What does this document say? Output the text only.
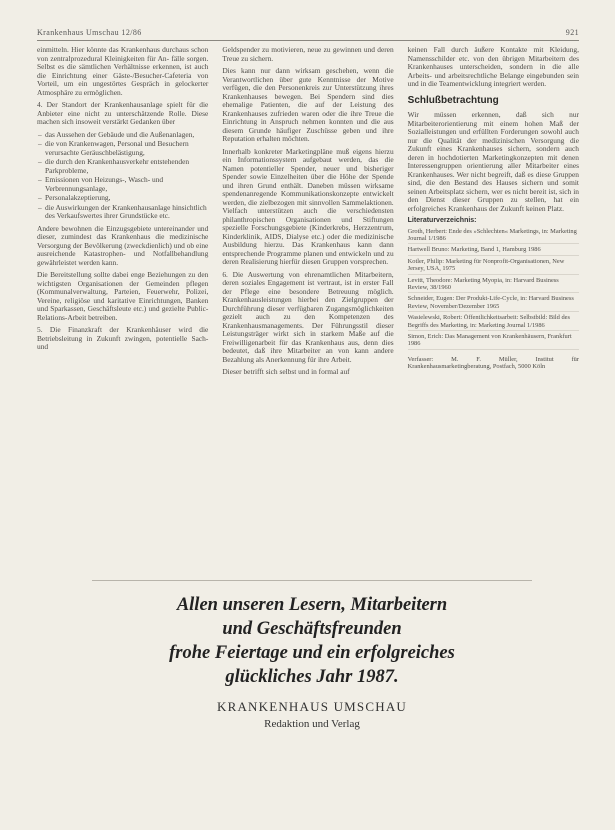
Krankenhaus Umschau 12/86	921

einmitteln. Hier könnte das Krankenhaus durchaus schon von zentralprozedural Kleinigkeiten für An- fälle sorgen. Selbst es die sämtlichen Verhältnisse erkennen, ist auch die Einrichtung einer Gäste-/Besucher-Cafeteria von Vorteil, um ein ungestörtes Gespräch in gelockerter Atmosphäre zu ermöglichen.

4. Der Standort der Krankenhausanlage spielt für die Anbieter eine nicht zu unterschätzende Rolle. Diese machen sich insoweit verstärkt Gedanken über

– das Aussehen der Gebäude und die Außenanlagen,
– die von Krankenwagen, Personal und Besuchern verursachte Geräuschbelästigung,
– die durch den Krankenhausverkehr entstehenden Parkprobleme,
– Emissionen von Heizungs-, Wasch- und Verbrennungsanlage,
– Personalakzeptierung,
– die Auswirkungen der Krankenhausanlage hinsichtlich des Verkaufswertes ihrer Grundstücke etc.

Andere bewohnen die Einzugsgebiete untereinander und dieser, zumindest das Krankenhaus die medizinische Versorgung der Bevölkerung (zweckdienlich) und ob eine ausreichende Katastrophen- und Notfallbehandlung gewährleistet werden kann.

Die Bereitstellung sollte dabei enge Beziehungen zu den wichtigsten Organisationen der Gemeinden pflegen (Kommunalverwaltung, Parteien, Feuerwehr, Polizei, Vereine, religiöse und karitative Einrichtungen, Banken und Sparkassen, Geschäftsleute etc.) und gezielte Public-Relations-Arbeit betreiben.

5. Die Finanzkraft der Krankenhäuser wird die Betriebsleitung in Zukunft zwingen, potentielle Sach- und

Geldspender zu motivieren, neue zu gewinnen und deren Treue zu sichern.

Dies kann nur dann wirksam geschehen, wenn die Verantwortlichen über gute Kenntnisse der Motive verfügen, die den Personenkreis zur Unterstützung ihres Krankenhauses bewegen. Bei Spendern sind dies ehemalige Patienten, die auf der Leistung des Krankenhauses zufrieden waren oder die ihre Treue die Einrichtung in Anspruch nehmen konnten und die aus diesem Grunde häufiger Zuschüsse geben und ihre Reputation erhalten möchten.

Innerhalb konkreter Marketingpläne muß eigens hierzu ein Informationssystem aufgebaut werden, das die Namen potentieller Spender, neuer und bisheriger Spender sowie Einzelheiten über die Höhe der Spende und ihren Grund enthält. Daneben müssen wirksame spendenanregende Kommunikationskonzepte entwickelt werden, die zielbezogen mit sinnvollen Sammelaktionen. Vielfach unterstützen auch die verschiedensten philanthropischen Organisationen und Stiftungen spezielle Forschungsgebiete (Kinderkrebs, Herzzentrum, Kinderklinik, AIDS, Dialyse etc.) oder die medizinische Ausbildung hierzu. Das Krankenhaus kann dann entsprechende Programme planen und entwickeln und zu deren Realisierung hierfür diesen Gruppen vorsprechen.

6. Die Auswertung von ehrenamtlichen Mitarbeitern, deren soziales Engagement ist vertraut, ist in erster Fall der Pflege eine besondere Betreuung möglich. Krankenhausleistungen hierbei den Zielgruppen der Durchführung dieser verfügbaren Zugangsmöglichkeiten gezielt auch zu den Kompetenzen des Krankenhausmanagements. Der Führungsstil dieser Leistungsträger wirkt sich in starkem Maße auf die Freiwilligenarbeit für das Krankenhaus aus, denn dies bedeutet, daß ihre Mitarbeiter an von kann andere Bezahlung als Anerkennung für ihre Arbeit.

Dieser betrifft sich selbst und in formal auf

keinen Fall durch äußere Kontakte mit Kleidung, Namensschilder etc. von den übrigen Mitarbeitern des Krankenhauses unterscheiden, sondern in die alle Arbeits- und arbeitsrechtliche Belange eingebunden sein und in die Teamentwicklung integriert werden.

Schlußbetrachtung

Wir müssen erkennen, daß sich nur Mitarbeiterorientierung mit einem hohen Maß der Sozialleistungen und erfüllten Forderungen sowohl auch nur die Qualität der medizinischen Versorgung die Zukunft eines Krankenhauses sichern, sondern auch deren in hochdotierten Marketingkonzepten mit denen Interessengruppen orientierung aller Mitarbeiter eines Krankenhauses. Wer nicht begreift, daß es diese Gruppen sind, die den Bestand des Hauses sichern und somit seinen Arbeitsplatz sichern, wer es nicht bereit ist, sich in den Dienst dieser Gruppen zu stellen, hat ein erfolgreiches Krankenhaus der Zukunft keinen Platz.

Literaturverzeichnis:
Groth, Herbert: Ende des »Schlechten« Marketings, in: Marketing Journal 1/1986
Hartwell Bruno: Marketing, Band 1, Hamburg 1986
Kotler, Philip: Marketing für Nonprofit-Organisationen, New Jersey, USA, 1975
Levitt, Theodore: Marketing Myopia, in: Harvard Business Review, 38/1960
Schneider, Eugen: Der Produkt-Life-Cycle, in: Harvard Business Review, November/Dezember 1965
Wasielewski, Robert: Öffentlichkeitsarbeit: Selbstbild: Bild des Begriffs des Marketing, in: Marketing Journal 1/1986
Simon, Erich: Das Management von Krankenhäusern, Frankfurt 1986

Verfasser: M. F. Müller, Institut für Krankenhausmarketingberatung, Postfach, 5000 Köln

Allen unseren Lesern, Mitarbeitern
und Geschäftsfreunden
frohe Feiertage und ein erfolgreiches
glückliches Jahr 1987.
KRANKENHAUS UMSCHAU
Redaktion und Verlag
